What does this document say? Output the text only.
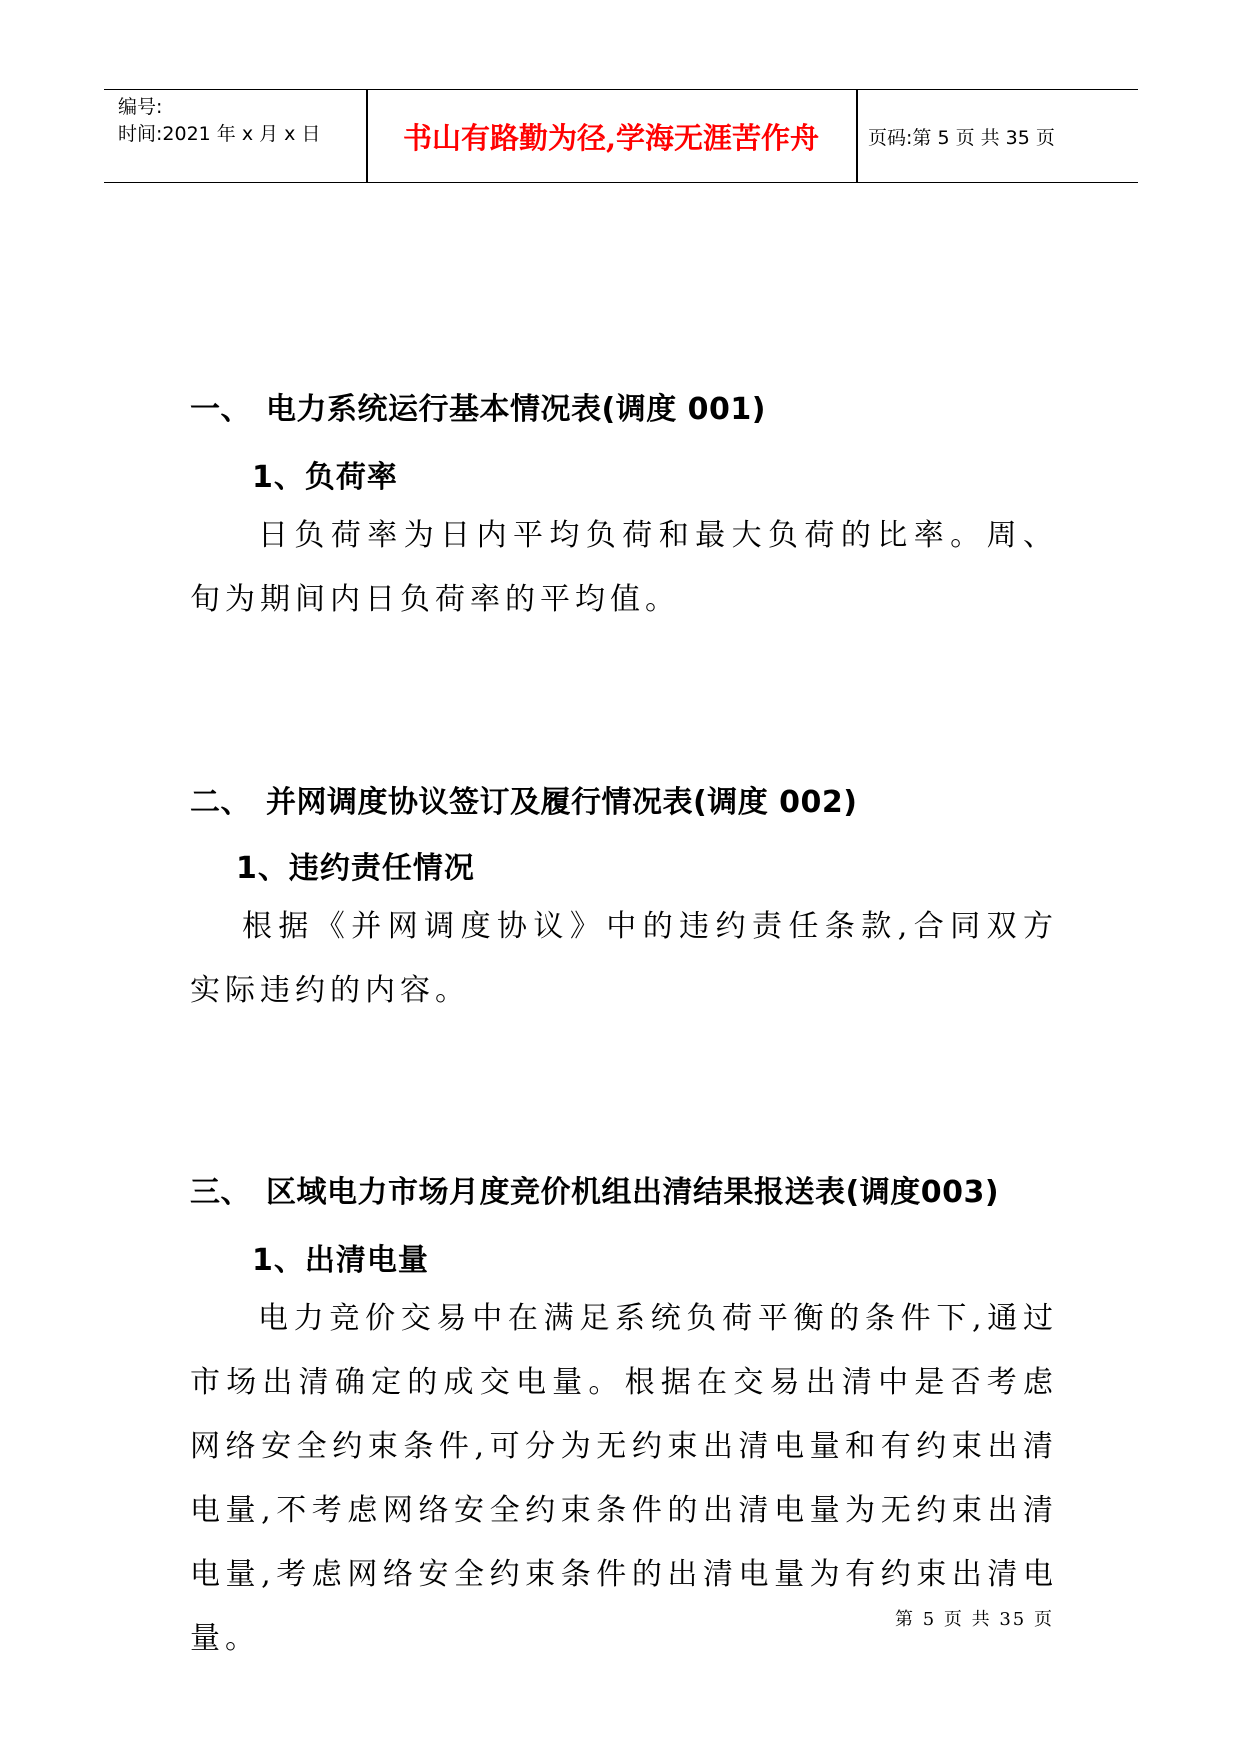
编号:
时间:2021 年 x 月 x 日	书山有路勤为径,学海无涯苦作舟	页码:第 5 页 共 35 页
一、 电力系统运行基本情况表(调度 001)
1、负荷率

日负荷率为日内平均负荷和最大负荷的比率。周、旬为期间内日负荷率的平均值。

二、 并网调度协议签订及履行情况表(调度 002)
1、违约责任情况

根据《并网调度协议》中的违约责任条款,合同双方实际违约的内容。

三、 区域电力市场月度竞价机组出清结果报送表(调度003)
1、出清电量

电力竞价交易中在满足系统负荷平衡的条件下,通过市场出清确定的成交电量。根据在交易出清中是否考虑网络安全约束条件,可分为无约束出清电量和有约束出清电量,不考虑网络安全约束条件的出清电量为无约束出清电量,考虑网络安全约束条件的出清电量为有约束出清电量。

第 5 页 共 35 页
